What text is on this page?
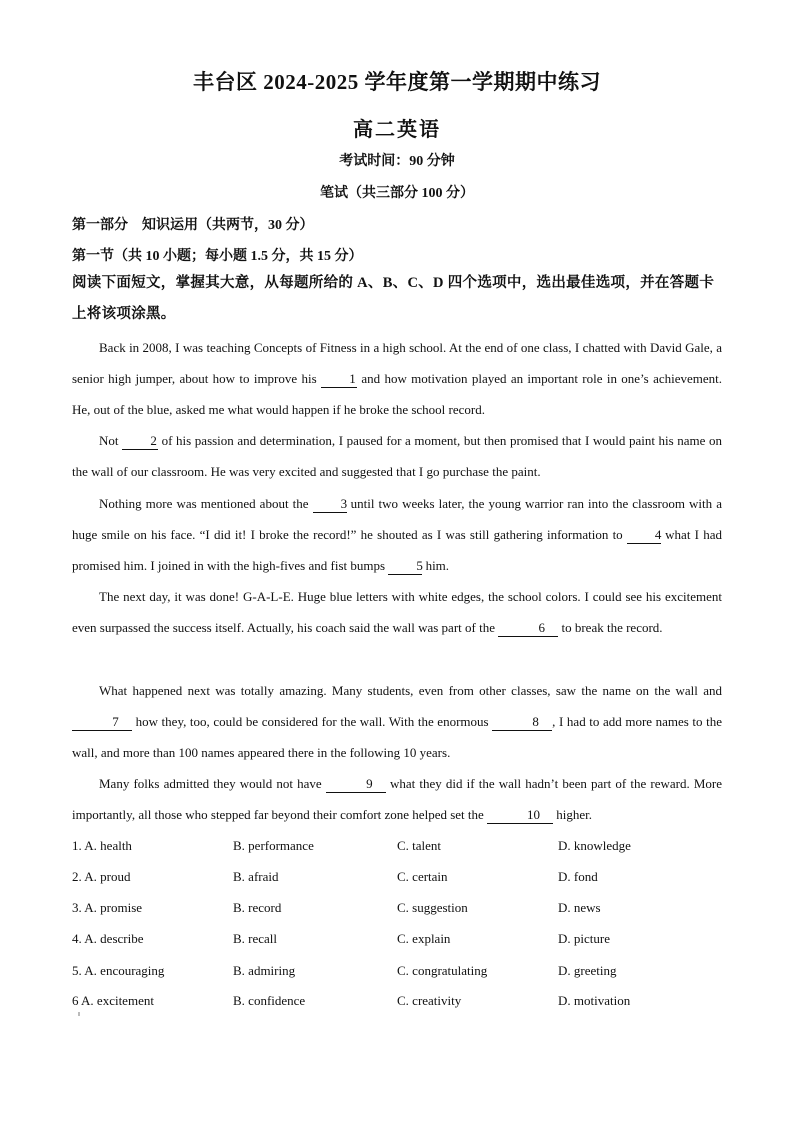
丰台区 2024-2025 学年度第一学期期中练习
高二英语
考试时间：90 分钟
笔试（共三部分 100 分）
第一部分　知识运用（共两节，30 分）
第一节（共 10 小题；每小题 1.5 分，共 15 分）
阅读下面短文，掌握其大意，从每题所给的 A、B、C、D 四个选项中，选出最佳选项，并在答题卡上将该项涂黑。
Back in 2008, I was teaching Concepts of Fitness in a high school. At the end of one class, I chatted with David Gale, a senior high jumper, about how to improve his 1 and how motivation played an important role in one’s achievement. He, out of the blue, asked me what would happen if he broke the school record.
Not 2 of his passion and determination, I paused for a moment, but then promised that I would paint his name on the wall of our classroom. He was very excited and suggested that I go purchase the paint.
Nothing more was mentioned about the 3 until two weeks later, the young warrior ran into the classroom with a huge smile on his face. “I did it! I broke the record!” he shouted as I was still gathering information to 4 what I had promised him. I joined in with the high-fives and fist bumps 5 him.
The next day, it was done! G-A-L-E. Huge blue letters with white edges, the school colors. I could see his excitement even surpassed the success itself. Actually, his coach said the wall was part of the	6 to break the record.
What happened next was totally amazing. Many students, even from other classes, saw the name on the wall and 7 how they, too, could be considered for the wall. With the enormous	8 , I had to add more names to the wall, and more than 100 names appeared there in the following 10 years.
Many folks admitted they would not have	9 what they did if the wall hadn’t been part of the reward. More importantly, all those who stepped far beyond their comfort zone helped set the	10 higher.
1. A. health	B. performance	C. talent	D. knowledge
2. A. proud	B. afraid	C. certain	D. fond
3. A. promise	B. record	C. suggestion	D. news
4. A. describe	B. recall	C. explain	D. picture
5. A. encouraging	B. admiring	C. congratulating	D. greeting
6 A. excitement	B. confidence	C. creativity	D. motivation
